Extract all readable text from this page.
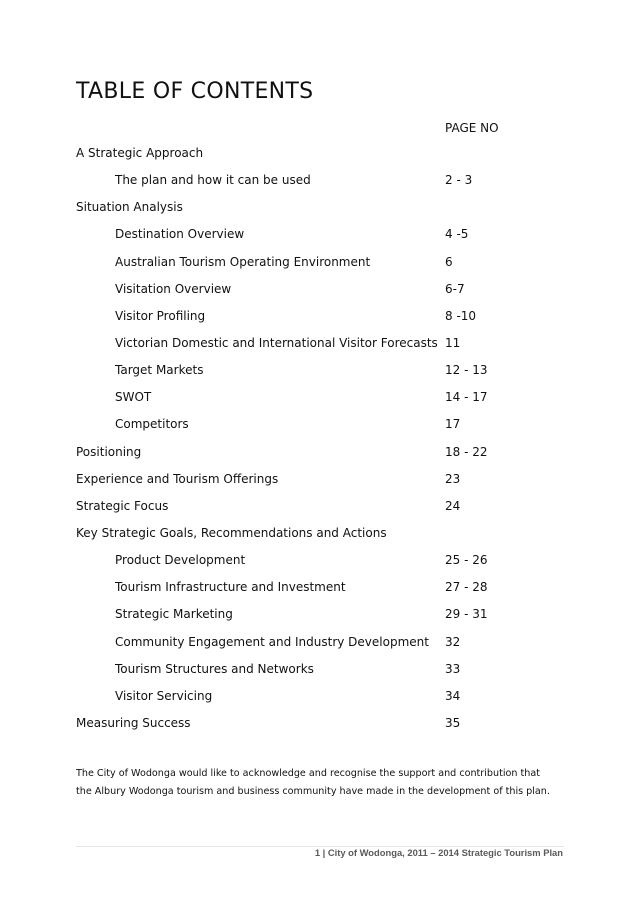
TABLE OF CONTENTS
PAGE NO
A Strategic Approach
The plan and how it can be used	2 - 3
Situation Analysis
Destination Overview	4 -5
Australian Tourism Operating Environment	6
Visitation Overview	6-7
Visitor Profiling	8 -10
Victorian Domestic and International Visitor Forecasts 11
Target Markets	12 - 13
SWOT	14 - 17
Competitors	17
Positioning	18 - 22
Experience and Tourism Offerings	23
Strategic Focus	24
Key Strategic Goals, Recommendations and Actions
Product Development	25 - 26
Tourism Infrastructure and Investment	27 - 28
Strategic Marketing	29 - 31
Community Engagement and Industry Development 32
Tourism Structures and Networks	33
Visitor Servicing	34
Measuring Success	35

The City of Wodonga would like to acknowledge and recognise the support and contribution that

the Albury Wodonga tourism and business community have made in the development of this plan.

1 | City of Wodonga, 2011 – 2014 Strategic Tourism Plan
